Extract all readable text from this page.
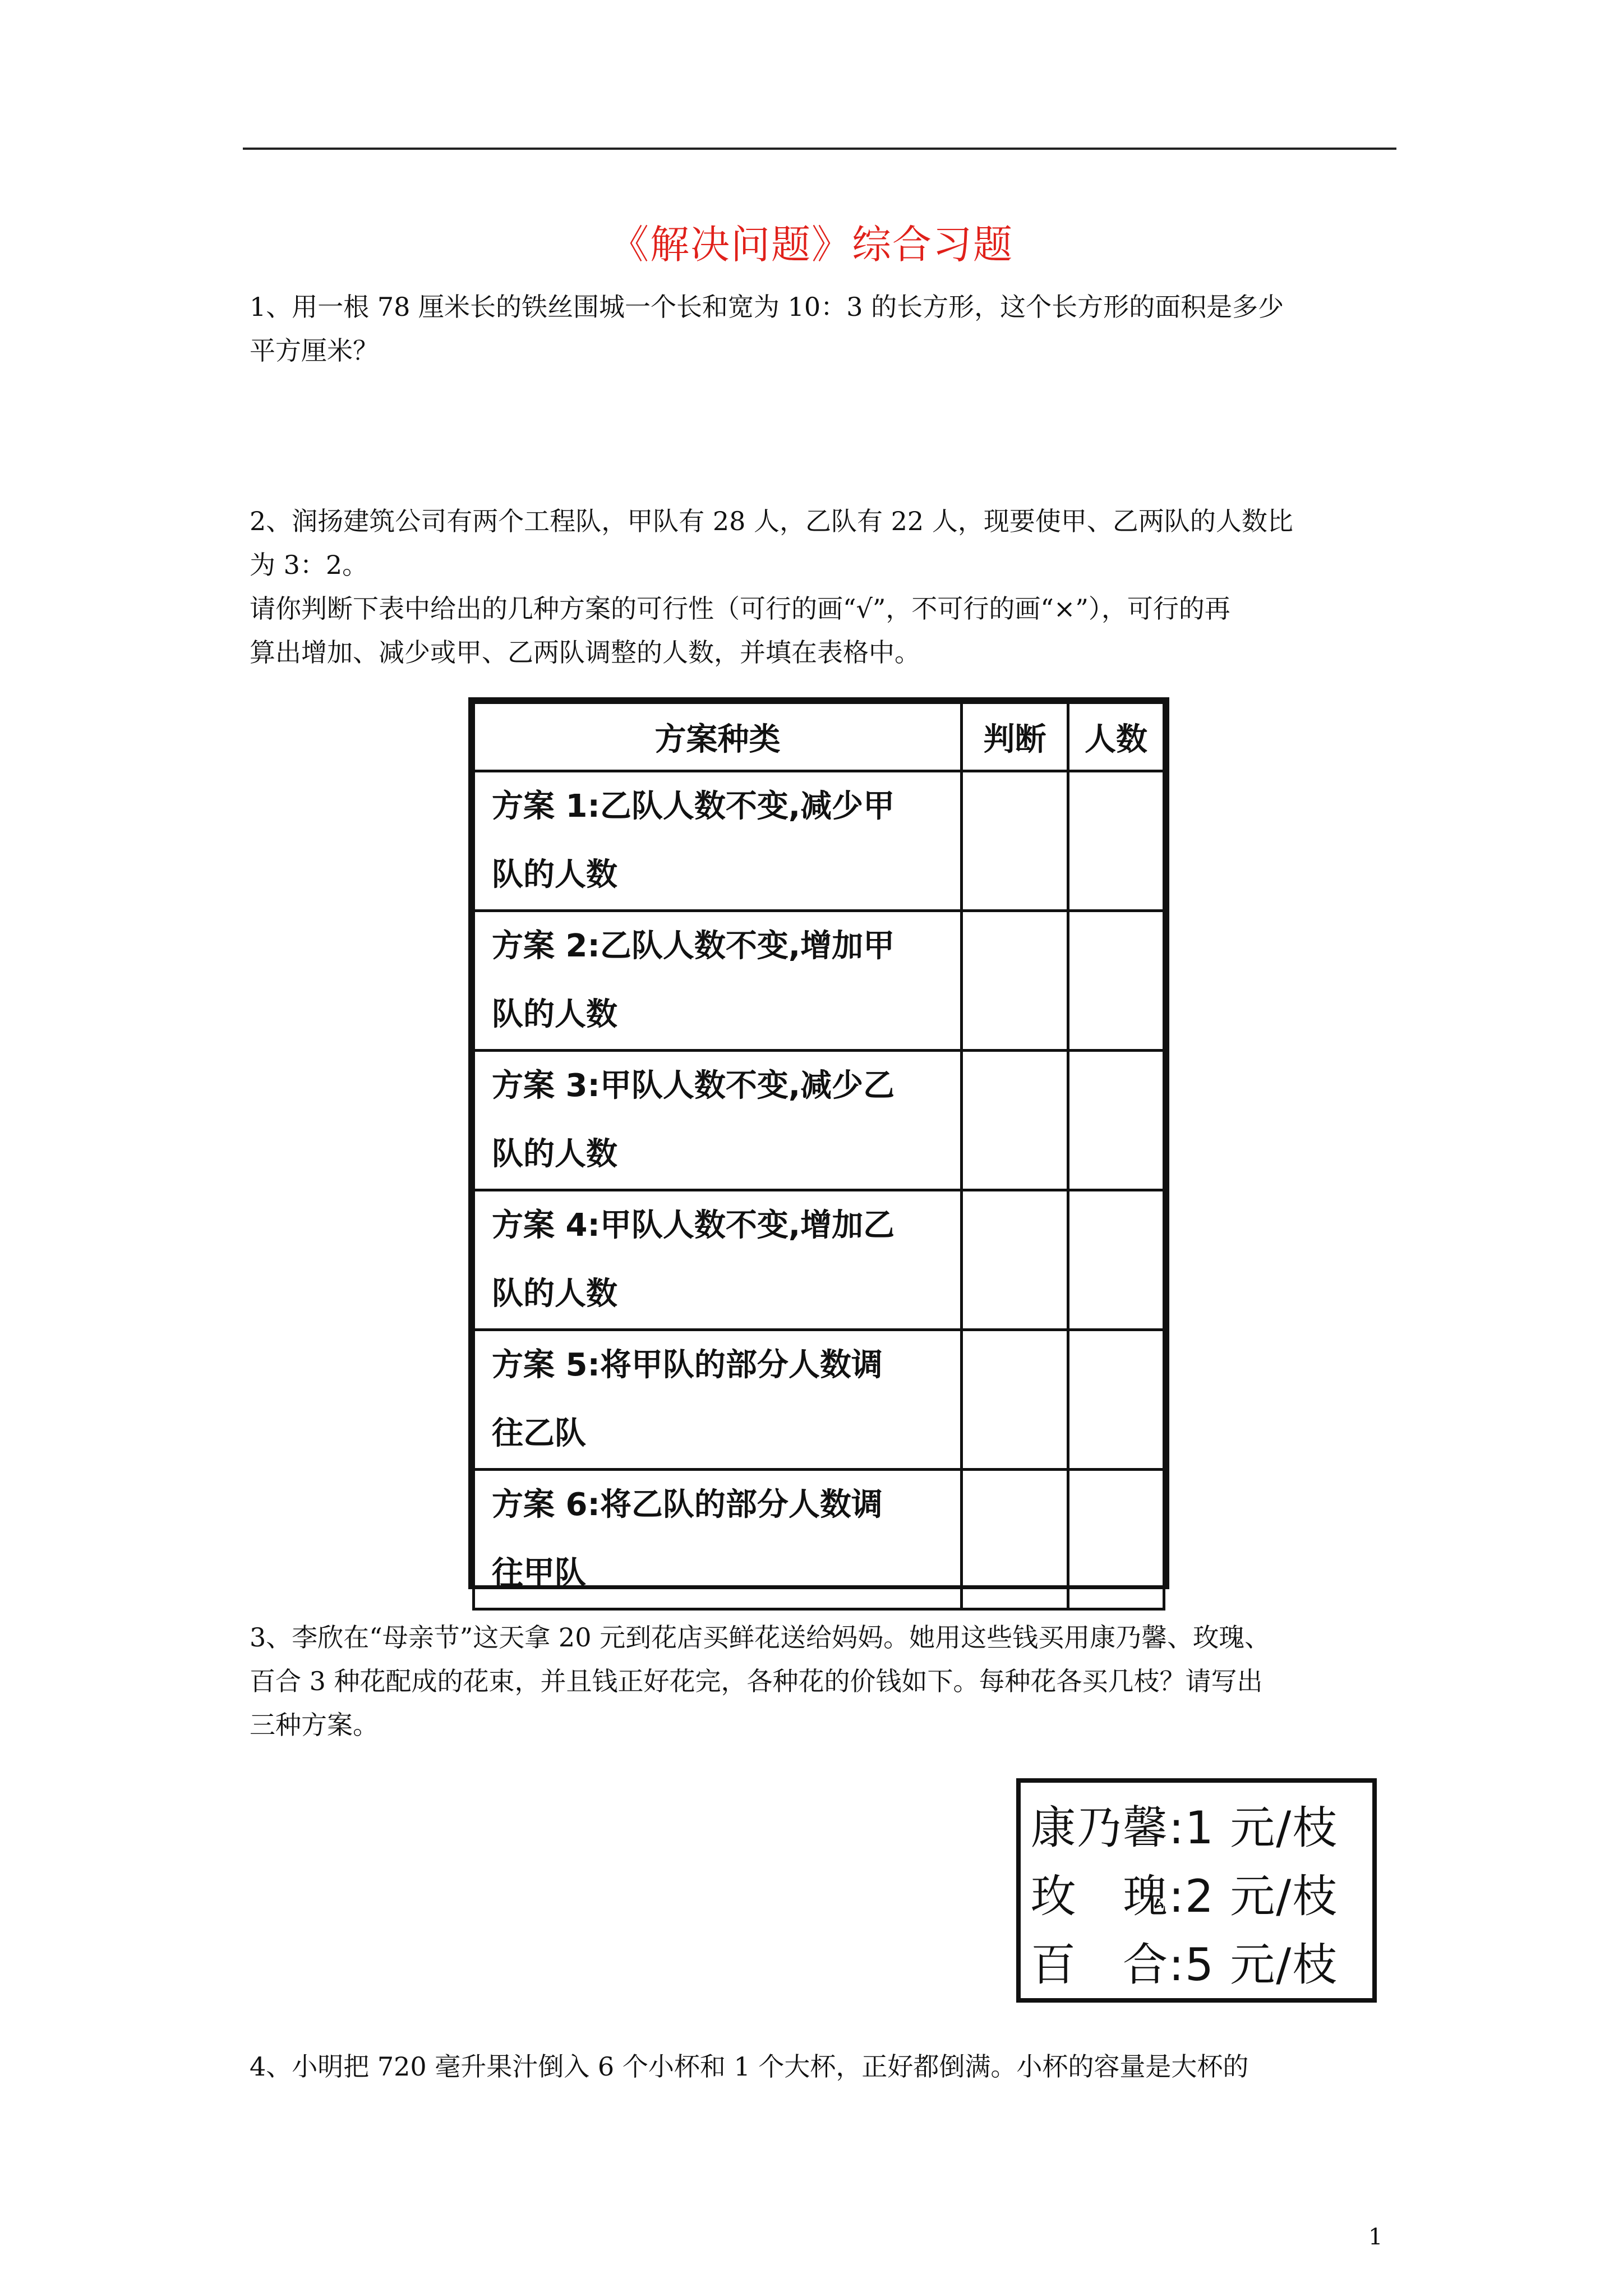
《解决问题》综合习题

1、用一根 78 厘米长的铁丝围城一个长和宽为 10：3 的长方形，这个长方形的面积是多少

平方厘米？

2、润扬建筑公司有两个工程队，甲队有 28 人，乙队有 22 人，现要使甲、乙两队的人数比

为 3：2。

请你判断下表中给出的几种方案的可行性（可行的画“√”，不可行的画“×”），可行的再

算出增加、减少或甲、乙两队调整的人数，并填在表格中。

方案种类	判断	人数

方案 1:乙队人数不变,减少甲
队的人数		

方案 2:乙队人数不变,增加甲
队的人数		

方案 3:甲队人数不变,减少乙
队的人数		

方案 4:甲队人数不变,增加乙
队的人数		

方案 5:将甲队的部分人数调
往乙队		

方案 6:将乙队的部分人数调
往甲队		

3、李欣在“母亲节”这天拿 20 元到花店买鲜花送给妈妈。她用这些钱买用康乃馨、玫瑰、

百合 3 种花配成的花束，并且钱正好花完，各种花的价钱如下。每种花各买几枝？请写出

三种方案。

康乃馨:1 元/枝
玫　瑰:2 元/枝
百　合:5 元/枝

4、小明把 720 毫升果汁倒入 6 个小杯和 1 个大杯，正好都倒满。小杯的容量是大杯的

1
